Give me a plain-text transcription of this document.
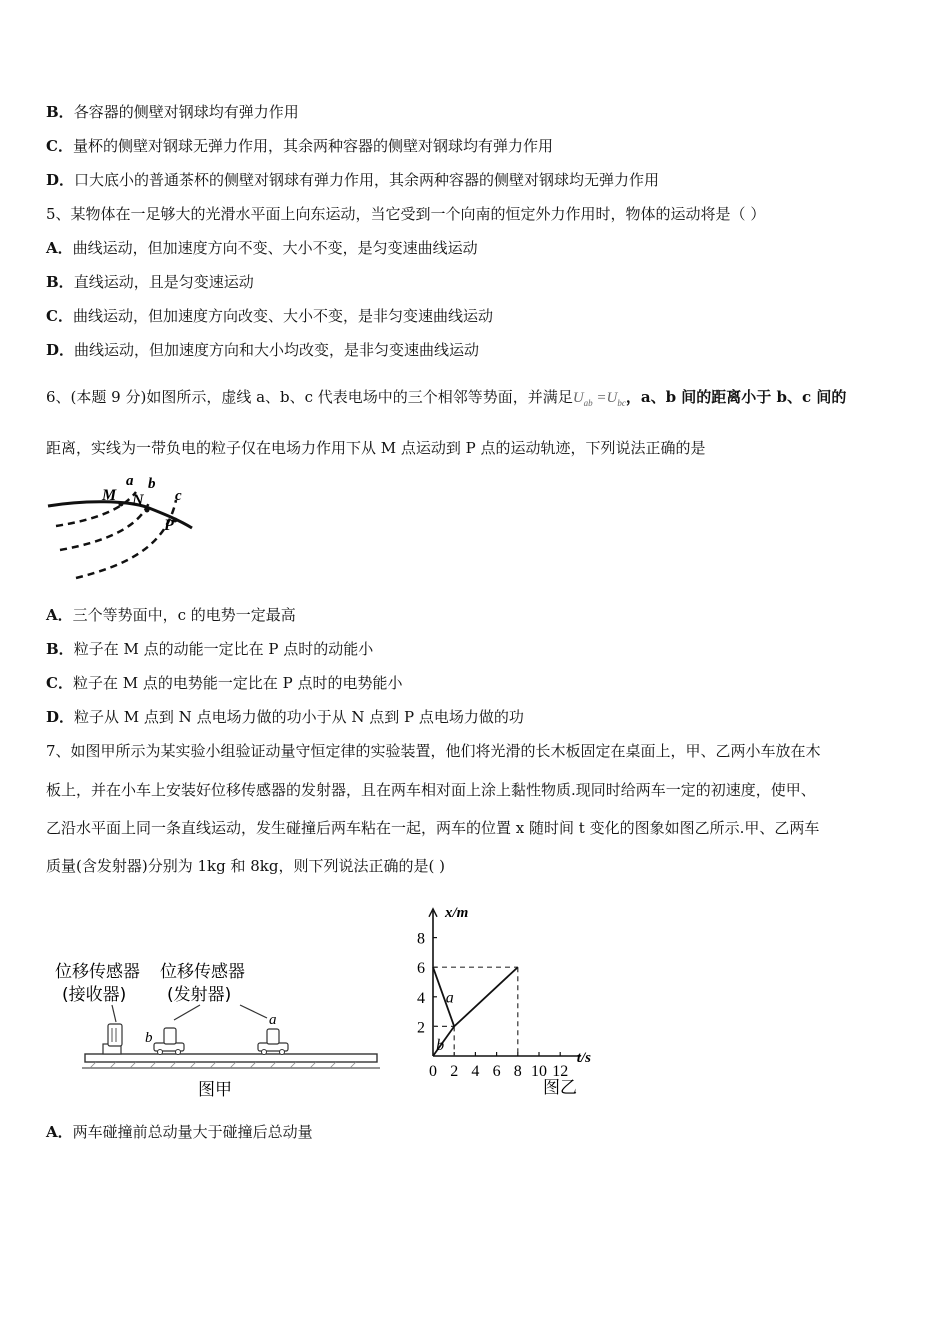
B．各容器的侧壁对钢球均有弹力作用
C．量杯的侧壁对钢球无弹力作用，其余两种容器的侧壁对钢球均有弹力作用
D．口大底小的普通茶杯的侧壁对钢球有弹力作用，其余两种容器的侧壁对钢球均无弹力作用
5、某物体在一足够大的光滑水平面上向东运动，当它受到一个向南的恒定外力作用时，物体的运动将是（ ）
A．曲线运动，但加速度方向不变、大小不变，是匀变速曲线运动
B．直线运动，且是匀变速运动
C．曲线运动，但加速度方向改变、大小不变，是非匀变速曲线运动
D．曲线运动，但加速度方向和大小均改变，是非匀变速曲线运动
6、(本题 9 分)如图所示，虚线 a、b、c 代表电场中的三个相邻等势面，并满足$U_{ab} =U_{bc}$，a、b 间的距离小于 b、c 间的
距离，实线为一带负电的粒子仅在电场力作用下从 M 点运动到 P 点的运动轨迹，下列说法正确的是
M
a
N
b
c
P
A．三个等势面中，c 的电势一定最高
B．粒子在 M 点的动能一定比在 P 点时的动能小
C．粒子在 M 点的电势能一定比在 P 点时的电势能小
D．粒子从 M 点到 N 点电场力做的功小于从 N 点到 P 点电场力做的功
7、如图甲所示为某实验小组验证动量守恒定律的实验装置，他们将光滑的长木板固定在桌面上，甲、乙两小车放在木
板上，并在小车上安装好位移传感器的发射器，且在两车相对面上涂上黏性物质.现同时给两车一定的初速度，使甲、
乙沿水平面上同一条直线运动，发生碰撞后两车粘在一起，两车的位置 x 随时间 t 变化的图象如图乙所示.甲、乙两车
质量(含发射器)分别为 1kg 和 8kg，则下列说法正确的是( )
位移传感器
(接收器)
位移传感器
(发射器)
b
a
图甲	图乙
x/m
t/s
0 2 4 6 8 10 12
2
4
6
8
a
b
A．两车碰撞前总动量大于碰撞后总动量
